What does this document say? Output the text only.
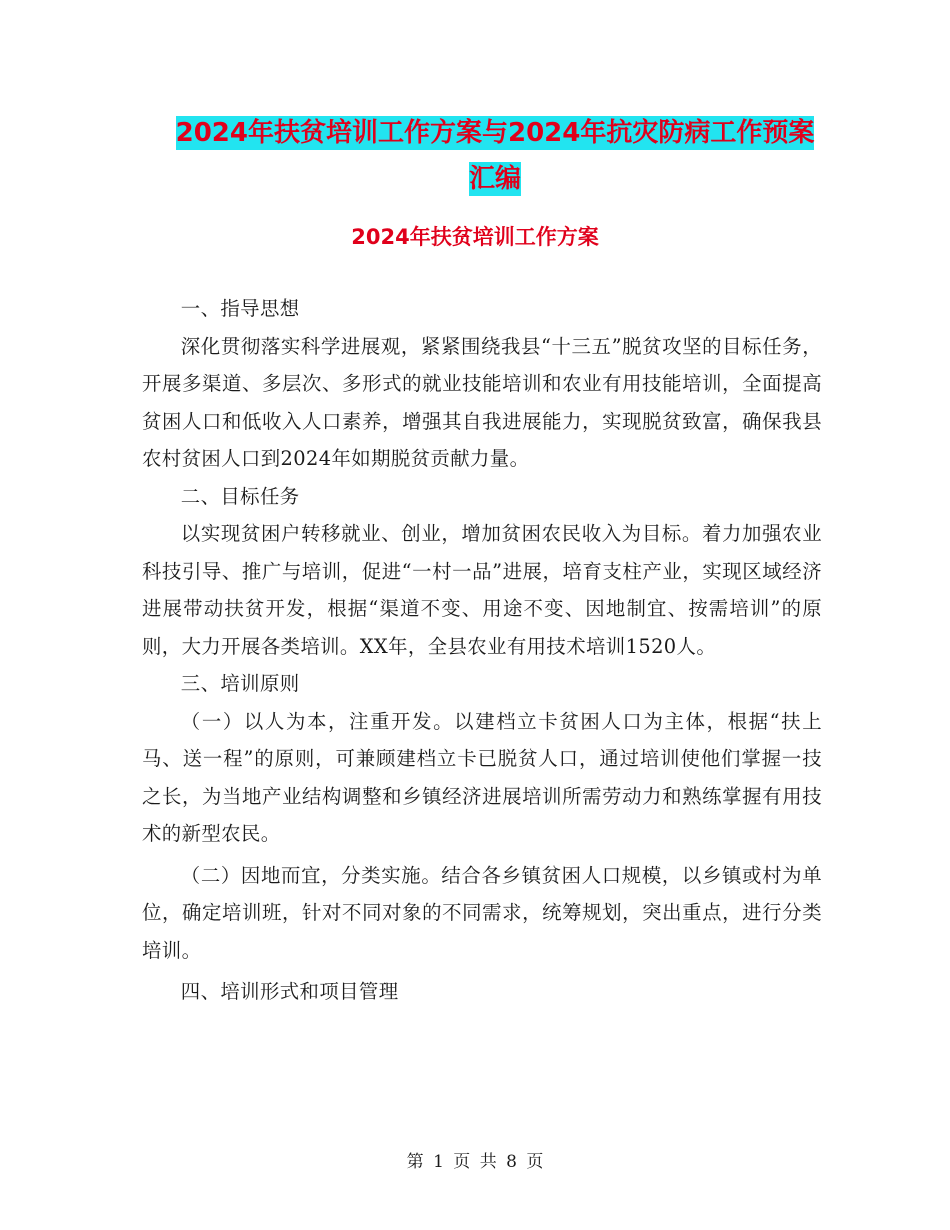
2024年扶贫培训工作方案与2024年抗灾防病工作预案
汇编
2024年扶贫培训工作方案

一、指导思想

深化贯彻落实科学进展观，紧紧围绕我县“十三五”脱贫攻坚的目标任务，开展多渠道、多层次、多形式的就业技能培训和农业有用技能培训，全面提高贫困人口和低收入人口素养，增强其自我进展能力，实现脱贫致富，确保我县农村贫困人口到2024年如期脱贫贡献力量。

二、目标任务

以实现贫困户转移就业、创业，增加贫困农民收入为目标。着力加强农业科技引导、推广与培训，促进“一村一品”进展，培育支柱产业，实现区域经济进展带动扶贫开发，根据“渠道不变、用途不变、因地制宜、按需培训”的原则，大力开展各类培训。XX年，全县农业有用技术培训1520人。

三、培训原则

（一）以人为本，注重开发。以建档立卡贫困人口为主体，根据“扶上马、送一程”的原则，可兼顾建档立卡已脱贫人口，通过培训使他们掌握一技之长，为当地产业结构调整和乡镇经济进展培训所需劳动力和熟练掌握有用技术的新型农民。

（二）因地而宜，分类实施。结合各乡镇贫困人口规模，以乡镇或村为单位，确定培训班，针对不同对象的不同需求，统筹规划，突出重点，进行分类培训。

四、培训形式和项目管理

第 1 页 共 8 页
